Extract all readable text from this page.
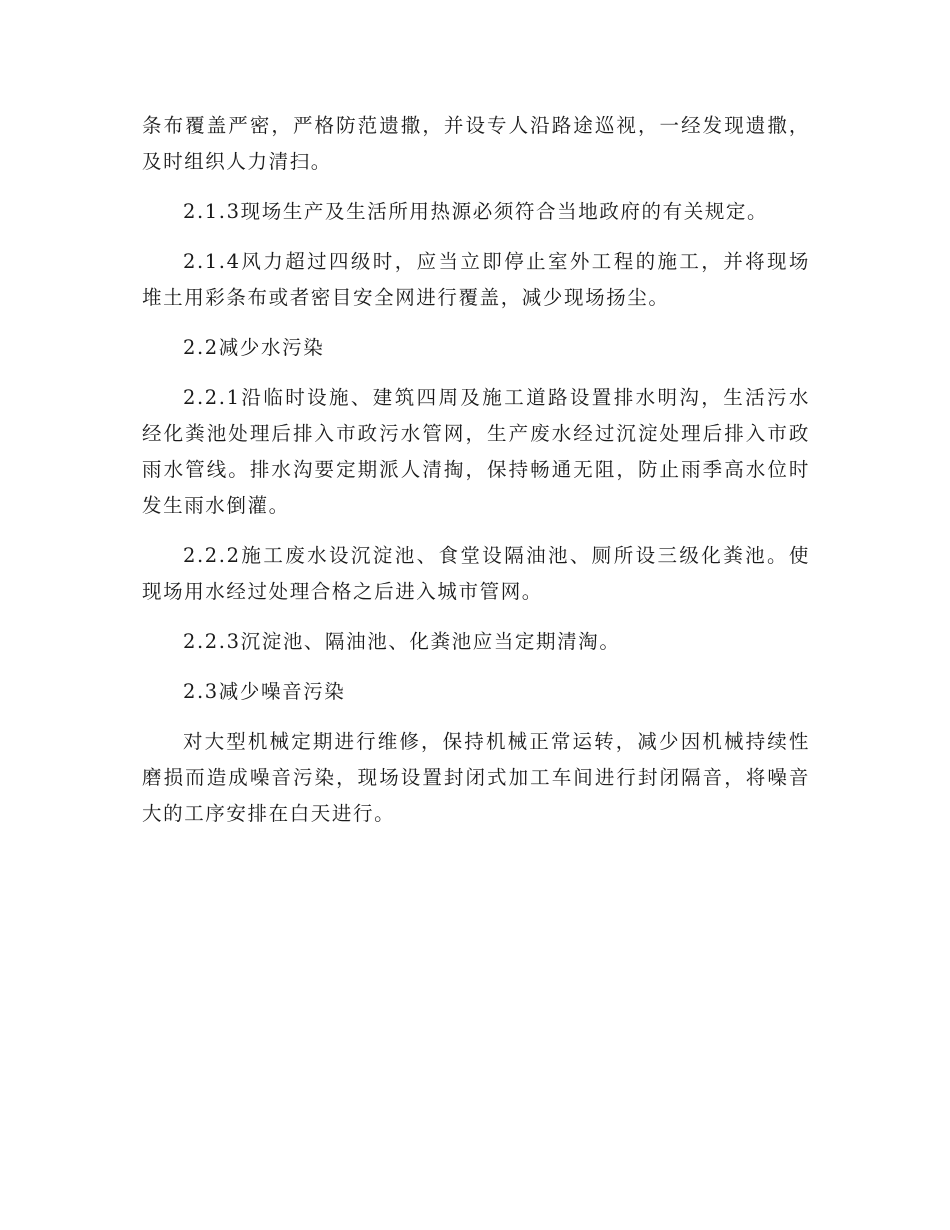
条布覆盖严密，严格防范遗撒，并设专人沿路途巡视，一经发现遗撒，及时组织人力清扫。

2.1.3现场生产及生活所用热源必须符合当地政府的有关规定。

2.1.4风力超过四级时，应当立即停止室外工程的施工，并将现场堆土用彩条布或者密目安全网进行覆盖，减少现场扬尘。

2.2减少水污染

2.2.1沿临时设施、建筑四周及施工道路设置排水明沟，生活污水经化粪池处理后排入市政污水管网，生产废水经过沉淀处理后排入市政雨水管线。排水沟要定期派人清掏，保持畅通无阻，防止雨季高水位时发生雨水倒灌。

2.2.2施工废水设沉淀池、食堂设隔油池、厕所设三级化粪池。使现场用水经过处理合格之后进入城市管网。

2.2.3沉淀池、隔油池、化粪池应当定期清淘。

2.3减少噪音污染

对大型机械定期进行维修，保持机械正常运转，减少因机械持续性磨损而造成噪音污染，现场设置封闭式加工车间进行封闭隔音，将噪音大的工序安排在白天进行。
